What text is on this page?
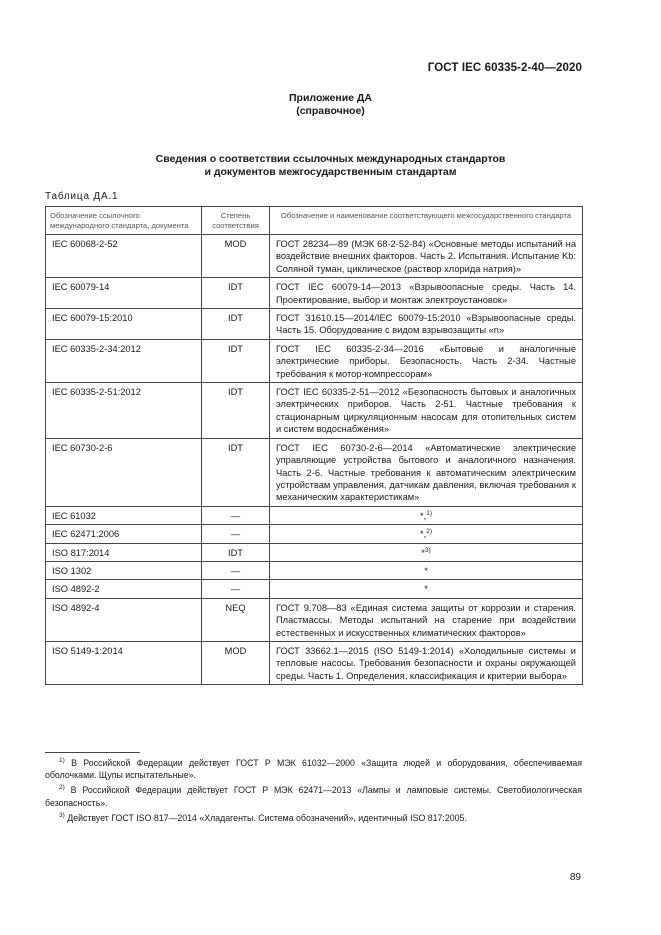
ГОСТ IEC 60335-2-40—2020
Приложение ДА
(справочное)
Сведения о соответствии ссылочных международных стандартов
и документов межгосударственным стандартам
Таблица ДА.1
Обозначение ссылочного междунарoдного стандарта, документа	Степень соответствия	Обозначение и наименование соответствующего межгосударственного стандарта
IEC 60068-2-52	MOD	ГОСТ 28234—89 (МЭК 68-2-52-84) «Основные методы испытаний на воздействие внешних факторов. Часть 2. Испытания. Испытание Kb: Соляной туман, циклическое (раствор хлорида натрия)»
IEC 60079-14	IDT	ГОСТ IEC 60079-14—2013 «Взрывоопасные среды. Часть 14. Проектирование, выбор и монтаж электроустановок»
IEC 60079-15:2010	IDT	ГОСТ 31610.15—2014/IEC 60079-15:2010 «Взрывоопасные среды. Часть 15. Оборудование с видом взрывозащиты «n»
IEC 60335-2-34:2012	IDT	ГОСТ IEC 60335-2-34—2016 «Бытовые и аналогичные электрические приборы. Безопасность. Часть 2-34. Частные требования к мотор-компрессорам»
IEC 60335-2-51:2012	IDT	ГОСТ IEC 60335-2-51—2012 «Безопасность бытовых и аналогичных электрических приборов. Часть 2-51. Частные требования к стационарным циркуляционным насосам для отопительных систем и систем водоснабжения»
IEC 60730-2-6	IDT	ГОСТ IEC 60730-2-6—2014 «Автоматические электрические управляющие устройства бытового и аналогичного назначения. Часть 2-6. Частные требования к автоматическим электрическим устройствам управления, датчикам давления, включая требования к механическим характеристикам»
IEC 61032	—	*,$^{1)}$
IEC 62471:2006	—	*,$^{2)}$
ISO 817:2014	IDT	*$^{3)}$
ISO 1302	—	*
ISO 4892-2	—	*
ISO 4892-4	NEQ	ГОСТ 9.708—83 «Единая система защиты от коррозии и старения. Пластмассы. Методы испытаний на старение при воздействии естественных и искусственных климатических факторов»
ISO 5149-1:2014	MOD	ГОСТ 33662.1—2015 (ISO 5149-1:2014) «Холодильные системы и тепловые насосы. Требования безопасности и охраны окружающей среды. Часть 1. Определения, классификация и критерии выбора»

$^{1)}$ В Российской Федерации действует ГОСТ Р МЭК 61032—2000 «Защита людей и оборудования, обеспечиваемая оболочками. Щупы испытательные».

$^{2)}$ В Российской Федерации действует ГОСТ Р МЭК 62471—2013 «Лампы и ламповые системы. Светобиологическая безопасность».

$^{3)}$ Действует ГОСТ ISO 817—2014 «Хладагенты. Система обозначений», идентичный ISO 817:2005.

89
